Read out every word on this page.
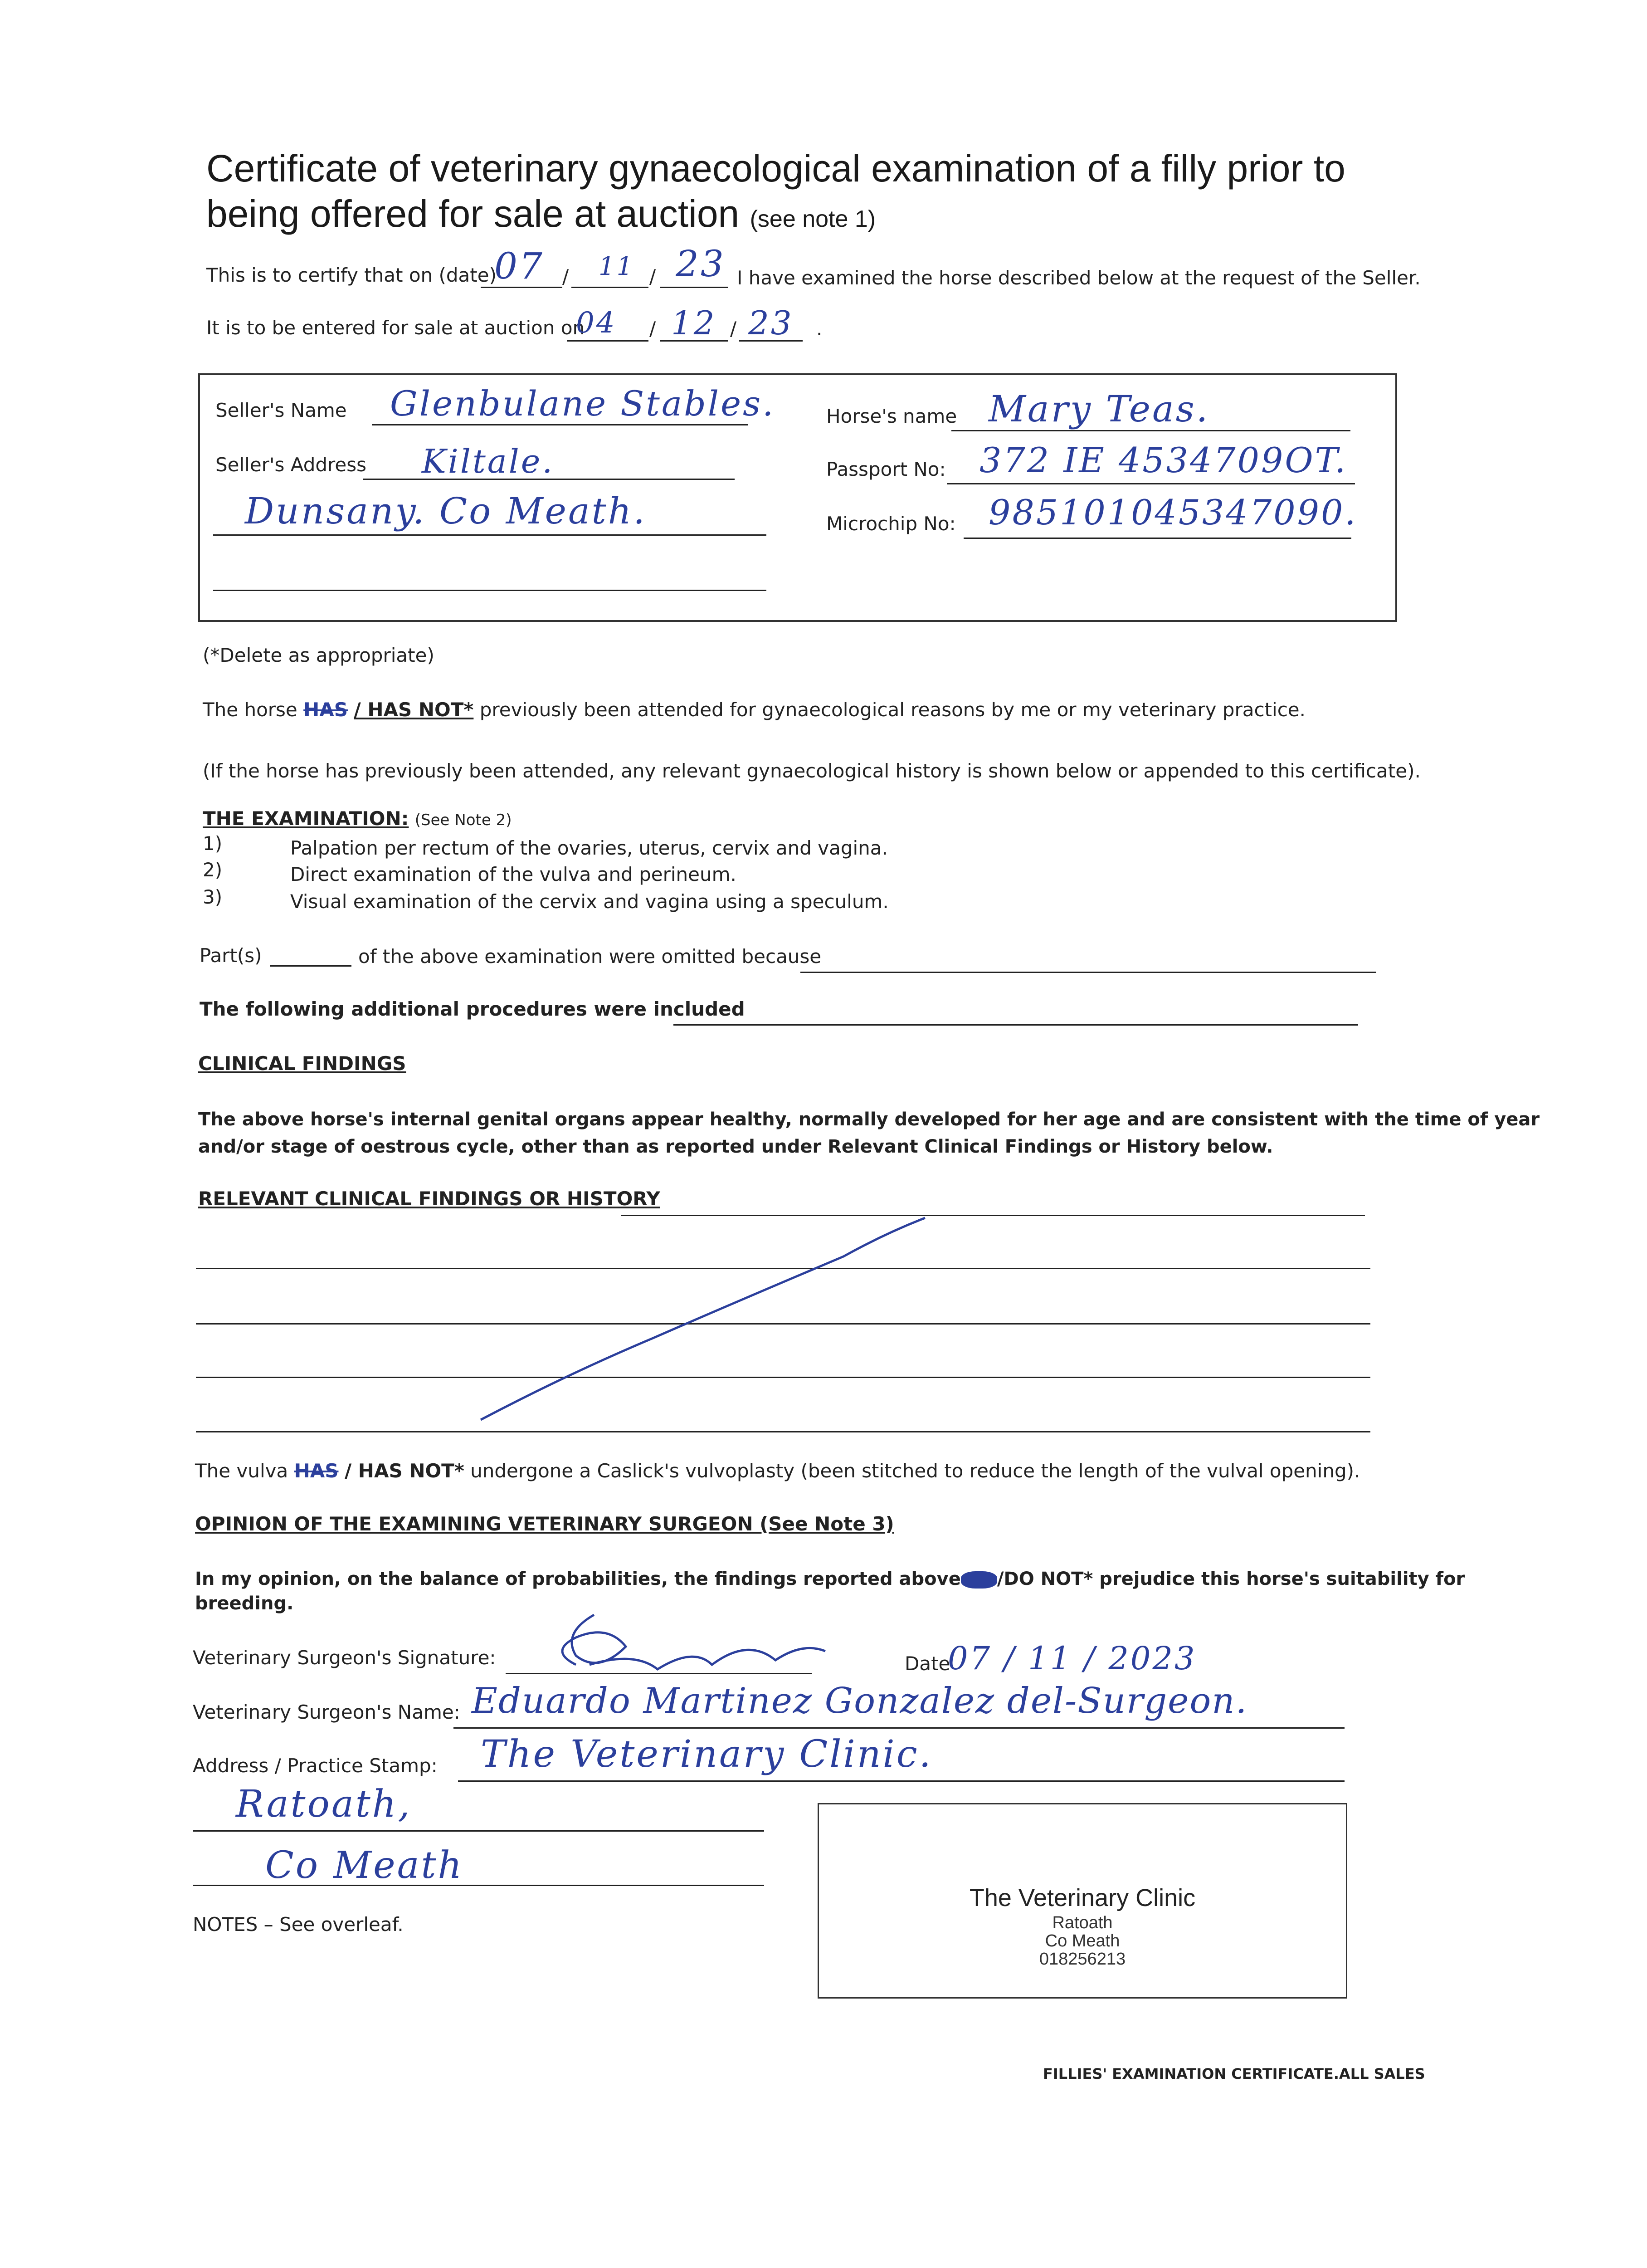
Certificate of veterinary gynaecological examination of a filly prior to
being offered for sale at auction (see note 1)
This is to certify that on (date)
07 / 11 / 23 I have examined the horse described below at the request of the Seller.
It is to be entered for sale at auction on
04 / 12 / 23 .
Seller's Name Glenbulane Stables.
Seller's Address Kiltale.
Dunsany. Co Meath.
Horse's name Mary Teas.
Passport No: 372 IE 4534709OT.
Microchip No: 985101045347090.
(*Delete as appropriate)
The horse HAS / HAS NOT* previously been attended for gynaecological reasons by me or my veterinary practice.
(If the horse has previously been attended, any relevant gynaecological history is shown below or appended to this certificate).
THE EXAMINATION: (See Note 2)
1)	Palpation per rectum of the ovaries, uterus, cervix and vagina.
2)	Direct examination of the vulva and perineum.
3)	Visual examination of the cervix and vagina using a speculum.
Part(s)	of the above examination were omitted because
The following additional procedures were included
CLINICAL FINDINGS
The above horse's internal genital organs appear healthy, normally developed for her age and are consistent with the time of year
and/or stage of oestrous cycle, other than as reported under Relevant Clinical Findings or History below.
RELEVANT CLINICAL FINDINGS OR HISTORY
The vulva HAS / HAS NOT* undergone a Caslick's vulvoplasty (been stitched to reduce the length of the vulval opening).
OPINION OF THE EXAMINING VETERINARY SURGEON (See Note 3)
In my opinion, on the balance of probabilities, the findings reported above /DO NOT* prejudice this horse's suitability for
breeding.
Veterinary Surgeon's Signature:	Date
07 / 11 / 2023
Veterinary Surgeon's Name: Eduardo Martinez Gonzalez del-Surgeon.
Address / Practice Stamp: The Veterinary Clinic.
Ratoath,
Co Meath
The Veterinary Clinic
Ratoath
Co Meath
018256213
NOTES – See overleaf.
FILLIES' EXAMINATION CERTIFICATE.ALL SALES
